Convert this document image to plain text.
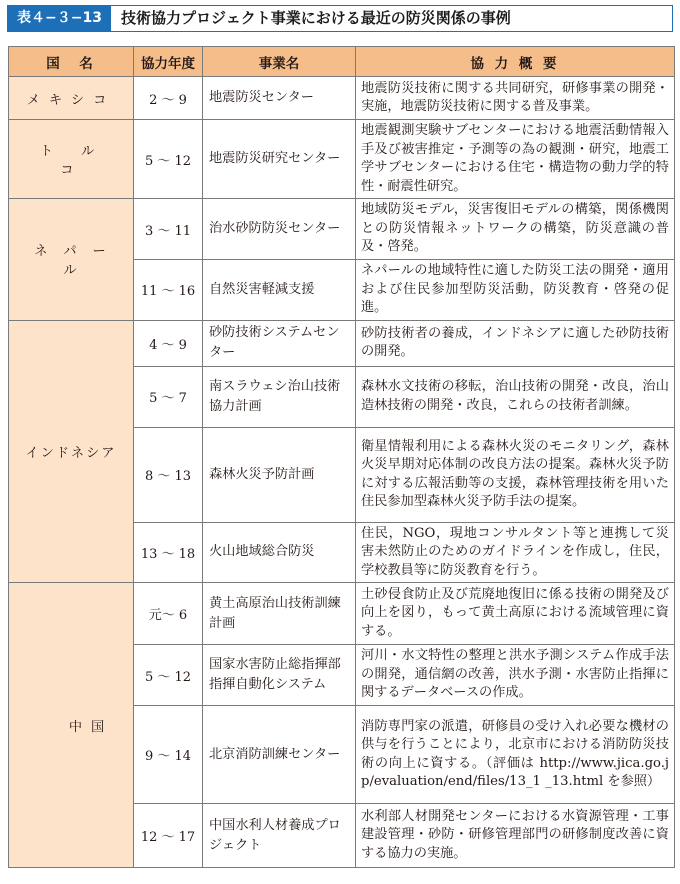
表４−３−13	技術協力プロジェクト事業における最近の防災関係の事例
国　名	協力年度	事業名	協 力 概 要
メキシコ	2 〜 9	地震防災センター	地震防災技術に関する共同研究，研修事業の開発・実施，地震防災技術に関する普及事業。
トルコ	5 〜 12	地震防災研究センター	地震観測実験サブセンターにおける地震活動情報入手及び被害推定・予測等の為の観測・研究，地震工学サブセンターにおける住宅・構造物の動力学的特性・耐震性研究。
ネパール	3 〜 11	治水砂防防災センター	地域防災モデル，災害復旧モデルの構築，関係機関との防災情報ネットワークの構築，防災意識の普及・啓発。
	11 〜 16	自然災害軽減支援	ネパールの地域特性に適した防災工法の開発・適用および住民参加型防災活動，防災教育・啓発の促進。
インドネシア	4 〜 9	砂防技術システムセンター	砂防技術者の養成，インドネシアに適した砂防技術の開発。
	5 〜 7	南スラウェシ治山技術協力計画	森林水文技術の移転，治山技術の開発・改良，治山造林技術の開発・改良，これらの技術者訓練。
	8 〜 13	森林火災予防計画	衛星情報利用による森林火災のモニタリング，森林火災早期対応体制の改良方法の提案。森林火災予防に対する広報活動等の支援，森林管理技術を用いた住民参加型森林火災予防手法の提案。
	13 〜 18	火山地域総合防災	住民，NGO，現地コンサルタント等と連携して災害未然防止のためのガイドラインを作成し，住民，学校教員等に防災教育を行う。
中国	元〜 6	黄土高原治山技術訓練計画	土砂侵食防止及び荒廃地復旧に係る技術の開発及び向上を図り，もって黄土高原における流域管理に資する。
	5 〜 12	国家水害防止総指揮部指揮自動化システム	河川・水文特性の整理と洪水予測システム作成手法の開発，通信網の改善，洪水予測・水害防止指揮に関するデータベースの作成。
	9 〜 14	北京消防訓練センター	消防専門家の派遣，研修員の受け入れ必要な機材の供与を行うことにより，北京市における消防防災技術の向上に資する。（評価は http://www.jica.go.jp/evaluation/end/files/13_1 _13.html を参照）
	12 〜 17	中国水利人材養成プロジェクト	水利部人材開発センターにおける水資源管理・工事建設管理・砂防・研修管理部門の研修制度改善に資する協力の実施。
